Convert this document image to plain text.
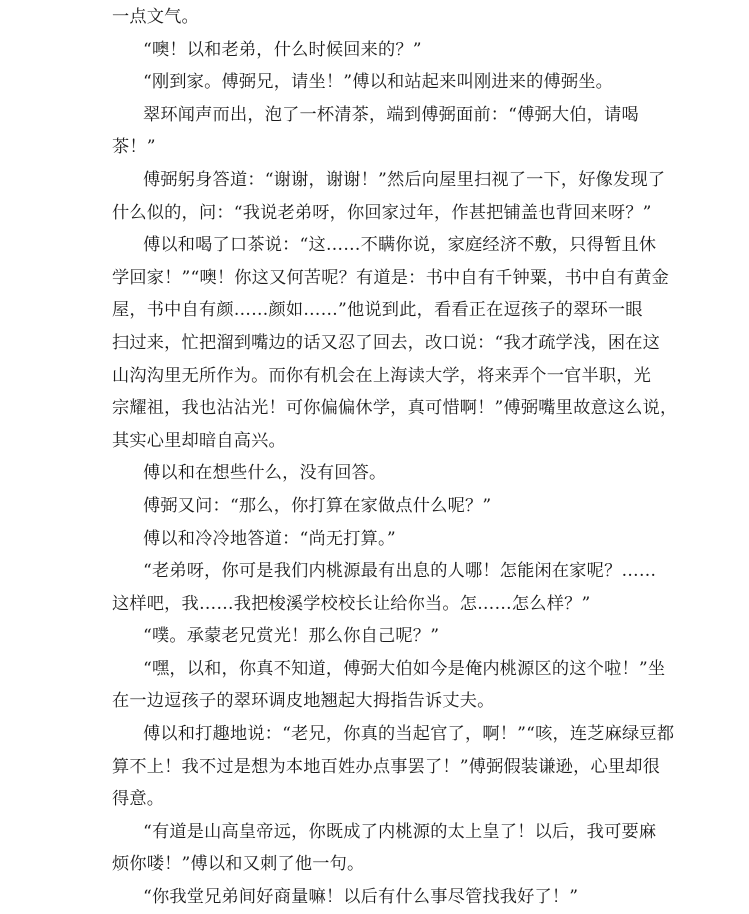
一点文气。
“噢！以和老弟，什么时候回来的？”
“刚到家。傅弼兄，请坐！”傅以和站起来叫刚进来的傅弼坐。
翠环闻声而出，泡了一杯清茶，端到傅弼面前：“傅弼大伯，请喝
茶！”
傅弼躬身答道：“谢谢，谢谢！”然后向屋里扫视了一下，好像发现了
什么似的，问：“我说老弟呀，你回家过年，作甚把铺盖也背回来呀？”
傅以和喝了口茶说：“这……不瞒你说，家庭经济不敷，只得暂且休
学回家！”“噢！你这又何苦呢？有道是：书中自有千钟粟，书中自有黄金
屋，书中自有颜……颜如……”他说到此，看看正在逗孩子的翠环一眼
扫过来，忙把溜到嘴边的话又忍了回去，改口说：“我才疏学浅，困在这
山沟沟里无所作为。而你有机会在上海读大学，将来弄个一官半职，光
宗耀祖，我也沾沾光！可你偏偏休学，真可惜啊！”傅弼嘴里故意这么说，
其实心里却暗自高兴。
傅以和在想些什么，没有回答。
傅弼又问：“那么，你打算在家做点什么呢？”
傅以和冷冷地答道：“尚无打算。”
“老弟呀，你可是我们内桃源最有出息的人哪！怎能闲在家呢？……
这样吧，我……我把梭溪学校校长让给你当。怎……怎么样？”
“噗。承蒙老兄赏光！那么你自己呢？”
“嘿，以和，你真不知道，傅弼大伯如今是俺内桃源区的这个啦！”坐
在一边逗孩子的翠环调皮地翘起大拇指告诉丈夫。
傅以和打趣地说：“老兄，你真的当起官了，啊！”“咳，连芝麻绿豆都
算不上！我不过是想为本地百姓办点事罢了！”傅弼假装谦逊，心里却很
得意。
“有道是山高皇帝远，你既成了内桃源的太上皇了！以后，我可要麻
烦你喽！”傅以和又刺了他一句。
“你我堂兄弟间好商量嘛！以后有什么事尽管找我好了！”
